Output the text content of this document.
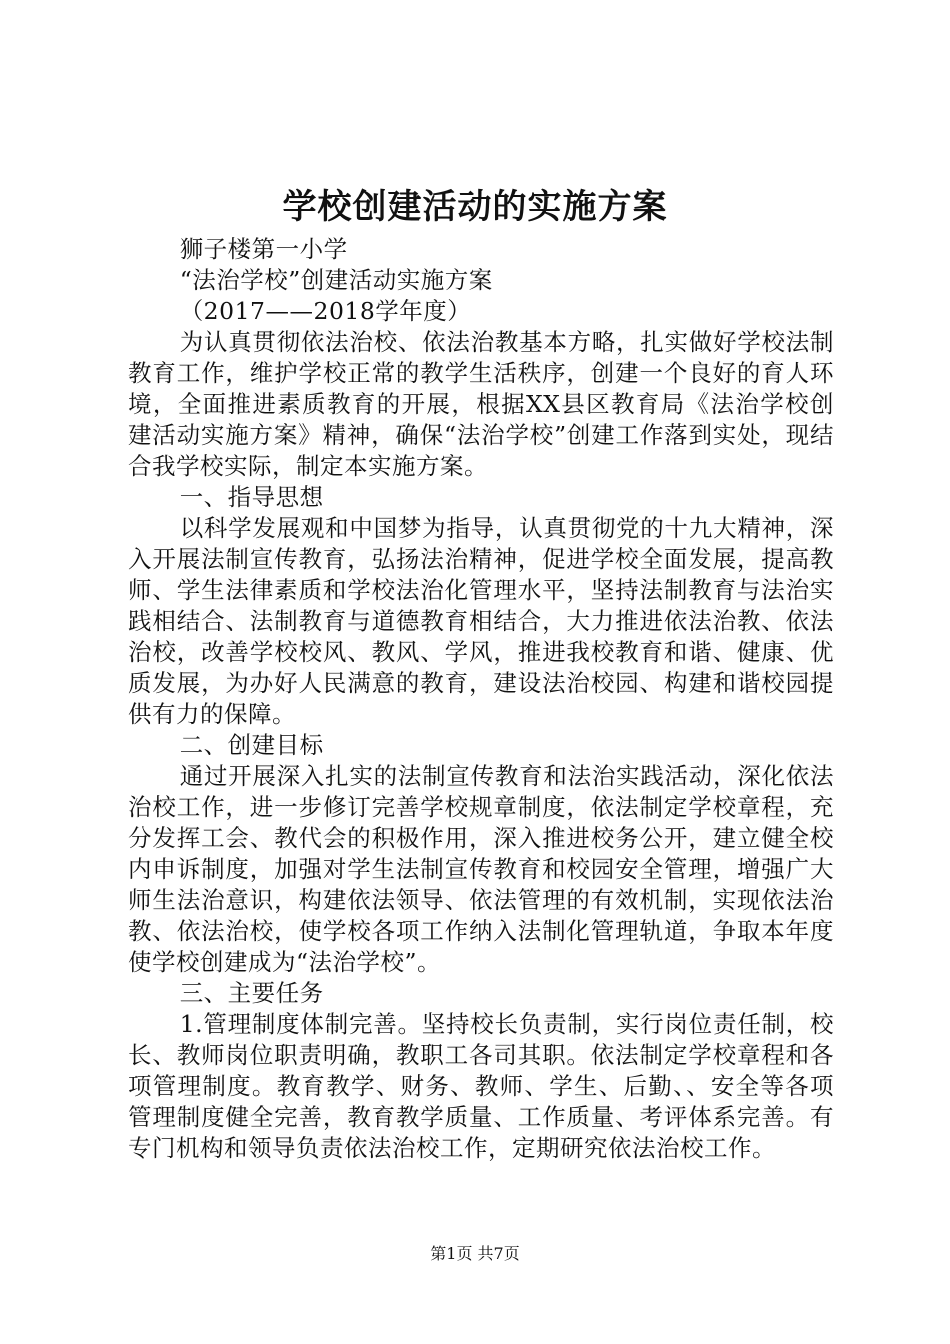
学校创建活动的实施方案

狮子楼第一小学

“法治学校”创建活动实施方案

（2017——2018学年度）

为认真贯彻依法治校、依法治教基本方略，扎实做好学校法制教育工作，维护学校正常的教学生活秩序，创建一个良好的育人环境，全面推进素质教育的开展，根据XX县区教育局《法治学校创建活动实施方案》精神，确保“法治学校”创建工作落到实处，现结合我学校实际，制定本实施方案。

一、指导思想

以科学发展观和中国梦为指导，认真贯彻党的十九大精神，深入开展法制宣传教育，弘扬法治精神，促进学校全面发展，提高教师、学生法律素质和学校法治化管理水平，坚持法制教育与法治实践相结合、法制教育与道德教育相结合，大力推进依法治教、依法治校，改善学校校风、教风、学风，推进我校教育和谐、健康、优质发展，为办好人民满意的教育，建设法治校园、构建和谐校园提供有力的保障。

二、创建目标

通过开展深入扎实的法制宣传教育和法治实践活动，深化依法治校工作，进一步修订完善学校规章制度，依法制定学校章程，充分发挥工会、教代会的积极作用，深入推进校务公开，建立健全校内申诉制度，加强对学生法制宣传教育和校园安全管理，增强广大师生法治意识，构建依法领导、依法管理的有效机制，实现依法治教、依法治校，使学校各项工作纳入法制化管理轨道，争取本年度使学校创建成为“法治学校”。

三、主要任务

1.管理制度体制完善。坚持校长负责制，实行岗位责任制，校长、教师岗位职责明确，教职工各司其职。依法制定学校章程和各项管理制度。教育教学、财务、教师、学生、后勤、、安全等各项管理制度健全完善，教育教学质量、工作质量、考评体系完善。有专门机构和领导负责依法治校工作，定期研究依法治校工作。

第1页 共7页
